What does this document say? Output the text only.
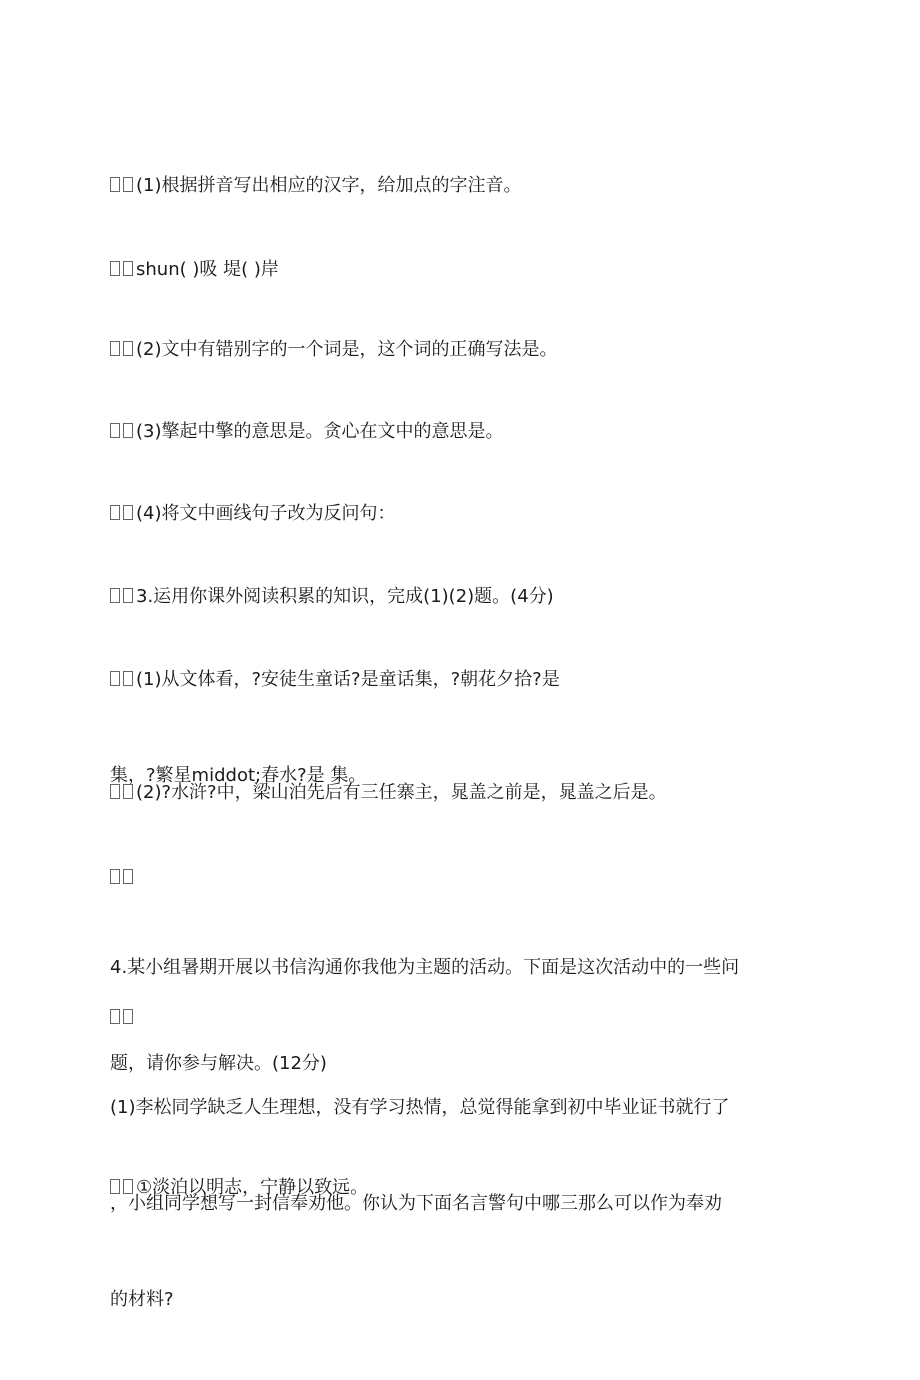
(1)根据拼音写出相应的汉字，给加点的字注音。

shun( )吸 堤( )岸

(2)文中有错别字的一个词是，这个词的正确写法是。

(3)擎起中擎的意思是。贪心在文中的意思是。

(4)将文中画线句子改为反问句：

3.运用你课外阅读积累的知识，完成(1)(2)题。(4分)

(1)从文体看，?安徒生童话?是童话集，?朝花夕拾?是

集，?繁星middot;春水?是 集。

(2)?水浒?中，梁山泊先后有三任寨主，晁盖之前是，晁盖之后是。

4.某小组暑期开展以书信沟通你我他为主题的活动。下面是这次活动中的一些问

题，请你参与解决。(12分)

(1)李松同学缺乏人生理想，没有学习热情，总觉得能拿到初中毕业证书就行了

，小组同学想写一封信奉劝他。你认为下面名言警句中哪三那么可以作为奉劝

的材料?

①淡泊以明志，宁静以致远。
